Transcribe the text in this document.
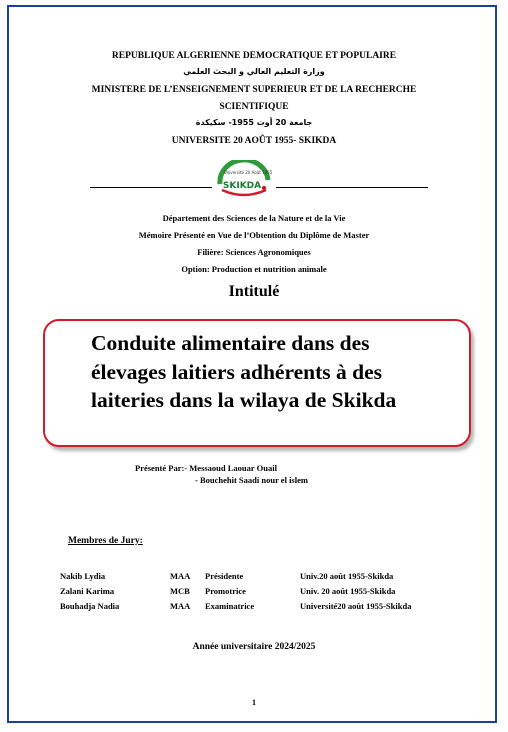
REPUBLIQUE ALGERIENNE DEMOCRATIQUE ET POPULAIRE
وزارة التعليم العالي و البحث العلمي
MINISTERE DE L’ENSEIGNEMENT SUPERIEUR ET DE LA RECHERCHE
SCIENTIFIQUE
جامعة 20 أوت 1955- سكيكدة
UNIVERSITE 20 AOÛT 1955- SKIKDA
Université 20 Août 1955
SKIKDA
Département des Sciences de la Nature et de la Vie
Mémoire Présenté en Vue de l’Obtention du Diplôme de Master
Filière: Sciences Agronomiques
Option: Production et nutrition animale
Intitulé
Conduite alimentaire dans des
élevages laitiers adhérents à des
laiteries dans la wilaya de Skikda
Présenté Par:- Messaoud Laouar Ouail
- Bouchehit Saadi nour el islem
Membres de Jury:
Nakib Lydia	MAA Présidente	Univ.20 août 1955-Skikda
Zalani Karima	MCB Promotrice	Univ. 20 août 1955-Skikda
Bouhadja Nadia	MAA Examinatrice	Université20 août 1955-Skikda
Année universitaire 2024/2025
1
